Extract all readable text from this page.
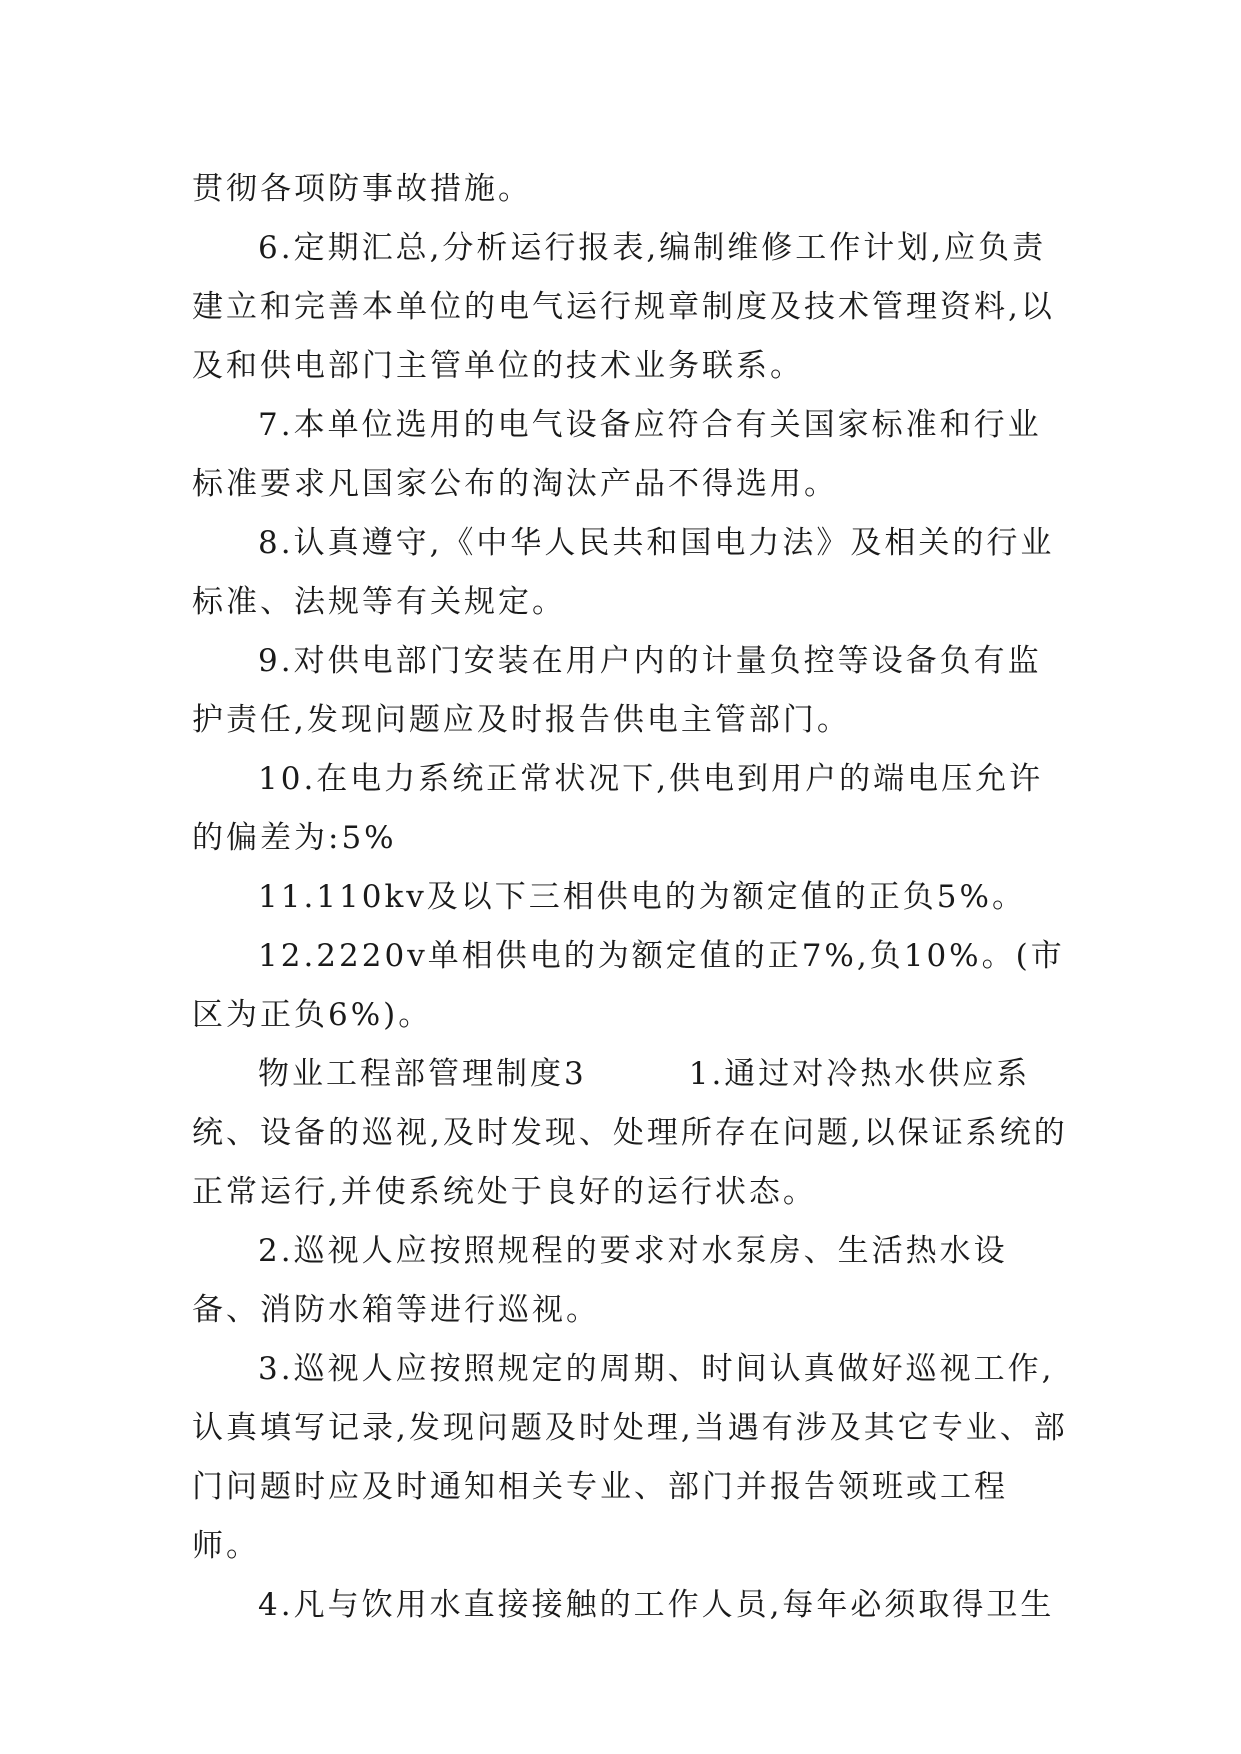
贯彻各项防事故措施。

6.定期汇总,分析运行报表,编制维修工作计划,应负责建立和完善本单位的电气运行规章制度及技术管理资料,以及和供电部门主管单位的技术业务联系。

7.本单位选用的电气设备应符合有关国家标准和行业标准要求凡国家公布的淘汰产品不得选用。

8.认真遵守,《中华人民共和国电力法》及相关的行业标准、法规等有关规定。

9.对供电部门安装在用户内的计量负控等设备负有监护责任,发现问题应及时报告供电主管部门。

10.在电力系统正常状况下,供电到用户的端电压允许的偏差为:5%

11.110kv及以下三相供电的为额定值的正负5%。

12.2220v单相供电的为额定值的正7%,负10%。(市区为正负6%)。

物业工程部管理制度3　　　1.通过对冷热水供应系统、设备的巡视,及时发现、处理所存在问题,以保证系统的正常运行,并使系统处于良好的运行状态。

2.巡视人应按照规程的要求对水泵房、生活热水设备、消防水箱等进行巡视。

3.巡视人应按照规定的周期、时间认真做好巡视工作,认真填写记录,发现问题及时处理,当遇有涉及其它专业、部门问题时应及时通知相关专业、部门并报告领班或工程师。

4.凡与饮用水直接接触的工作人员,每年必须取得卫生
